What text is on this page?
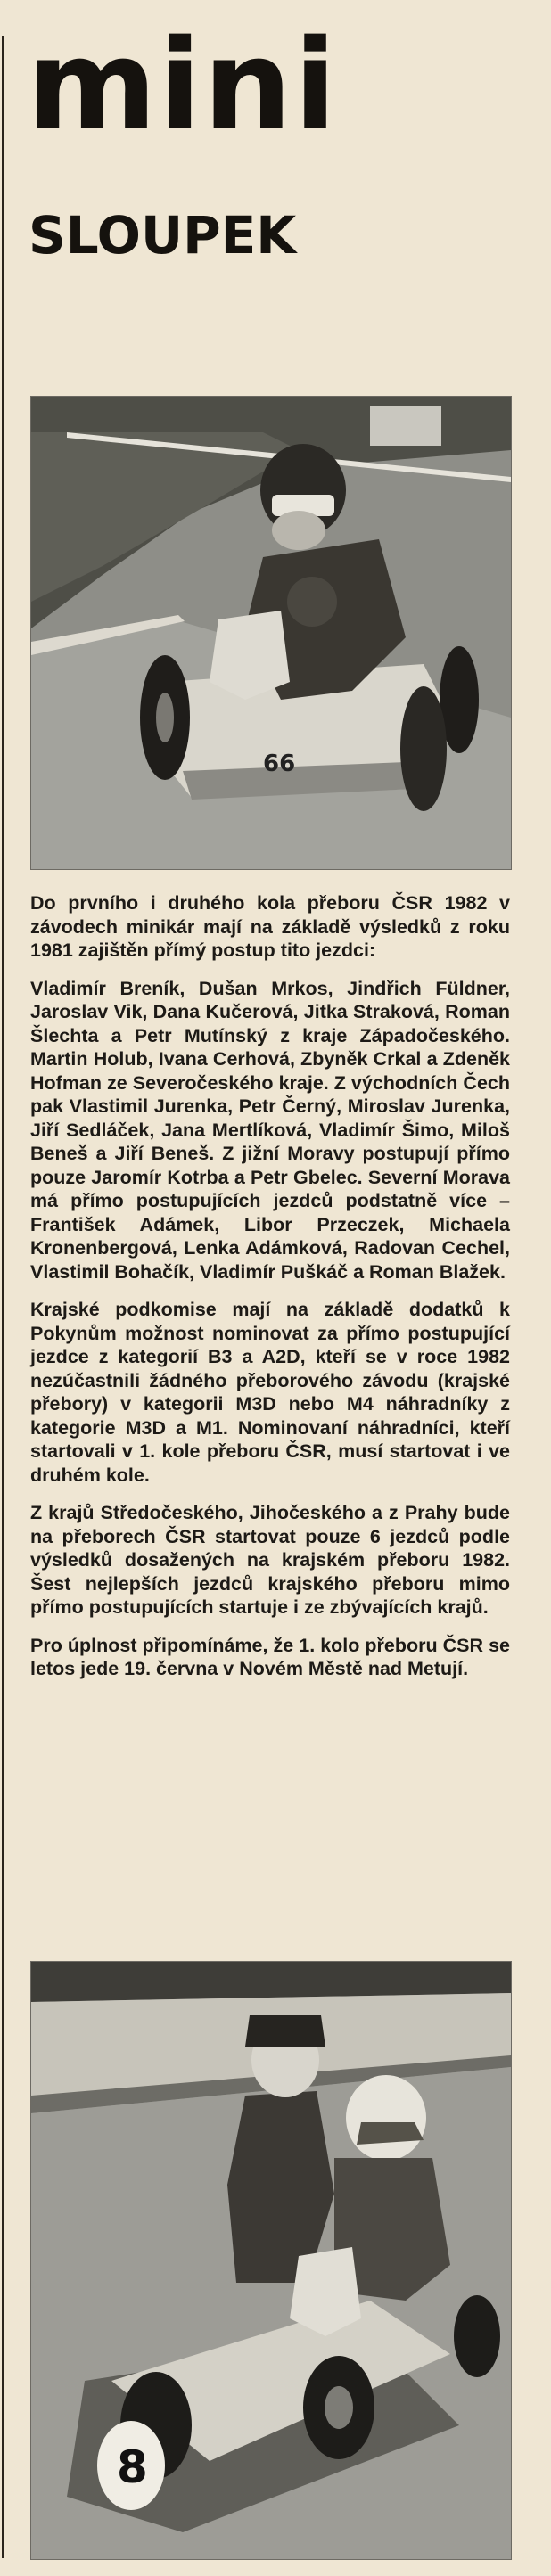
mini
SLOUPEK
66

Do prvního i druhého kola přeboru ČSR 1982 v závodech minikár mají na základě výsledků z roku 1981 zajištěn přímý postup tito jezdci:

Vladimír Breník, Dušan Mrkos, Jindřich Füldner, Jaroslav Vik, Dana Kučerová, Jitka Straková, Roman Šlechta a Petr Mutínský z kraje Západočeského. Martin Holub, Ivana Cerhová, Zbyněk Crkal a Zdeněk Hofman ze Severočeského kraje. Z východních Čech pak Vlastimil Jurenka, Petr Černý, Miroslav Jurenka, Jiří Sedláček, Jana Mertlíková, Vladimír Šimo, Miloš Beneš a Jiří Beneš. Z jižní Moravy postupují přímo pouze Jaromír Kotrba a Petr Gbelec. Severní Morava má přímo postupujících jezdců podstatně více – František Adámek, Libor Przeczek, Michaela Kronenbergová, Lenka Adámková, Radovan Cechel, Vlastimil Bohačík, Vladimír Puškáč a Roman Blažek.

Krajské podkomise mají na základě dodatků k Pokynům možnost nominovat za přímo postupující jezdce z kategorií B3 a A2D, kteří se v roce 1982 nezúčastnili žádného přeborového závodu (krajské přebory) v kategorii M3D nebo M4 náhradníky z kategorie M3D a M1. Nominovaní náhradníci, kteří startovali v 1. kole přeboru ČSR, musí startovat i ve druhém kole.

Z krajů Středočeského, Jihočeského a z Prahy bude na přeborech ČSR startovat pouze 6 jezdců podle výsledků dosažených na krajském přeboru 1982. Šest nejlepších jezdců krajského přeboru mimo přímo postupujících startuje i ze zbývajících krajů.

Pro úplnost připomínáme, že 1. kolo přeboru ČSR se letos jede 19. června v Novém Městě nad Metují.

8
